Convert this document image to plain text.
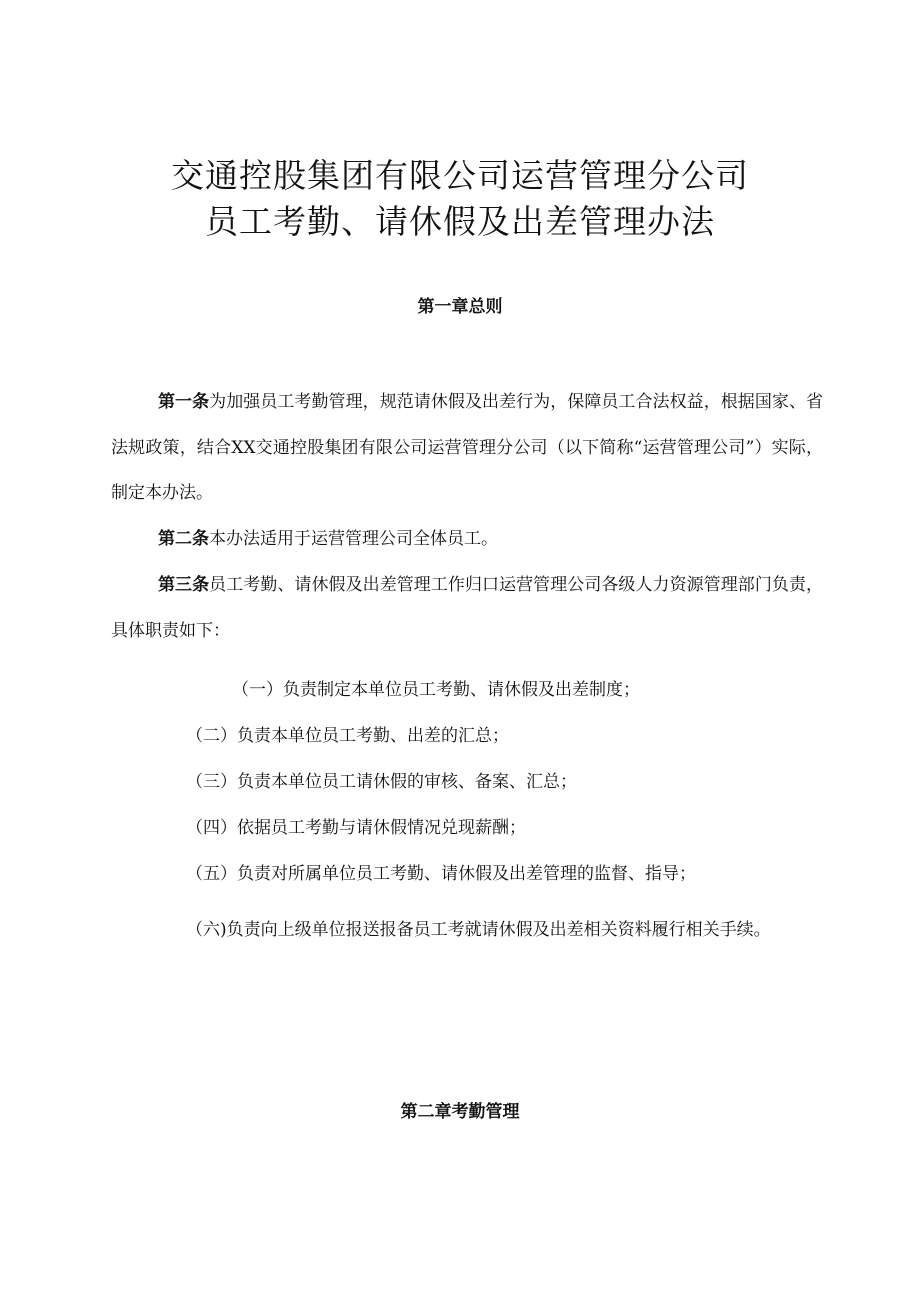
交通控股集团有限公司运营管理分公司
员工考勤、请休假及出差管理办法
第一章总则

第一条为加强员工考勤管理，规范请休假及出差行为，保障员工合法权益，根据国家、省法规政策，结合XX交通控股集团有限公司运营管理分公司（以下简称“运营管理公司”）实际，制定本办法。

第二条本办法适用于运营管理公司全体员工。

第三条员工考勤、请休假及出差管理工作归口运营管理公司各级人力资源管理部门负责，具体职责如下：

（一）负责制定本单位员工考勤、请休假及出差制度；

（二）负责本单位员工考勤、出差的汇总；

（三）负责本单位员工请休假的审核、备案、汇总；

（四）依据员工考勤与请休假情况兑现薪酬；

（五）负责对所属单位员工考勤、请休假及出差管理的监督、指导；

（六)负责向上级单位报送报备员工考就请休假及出差相关资料履行相关手续。

第二章考勤管理
